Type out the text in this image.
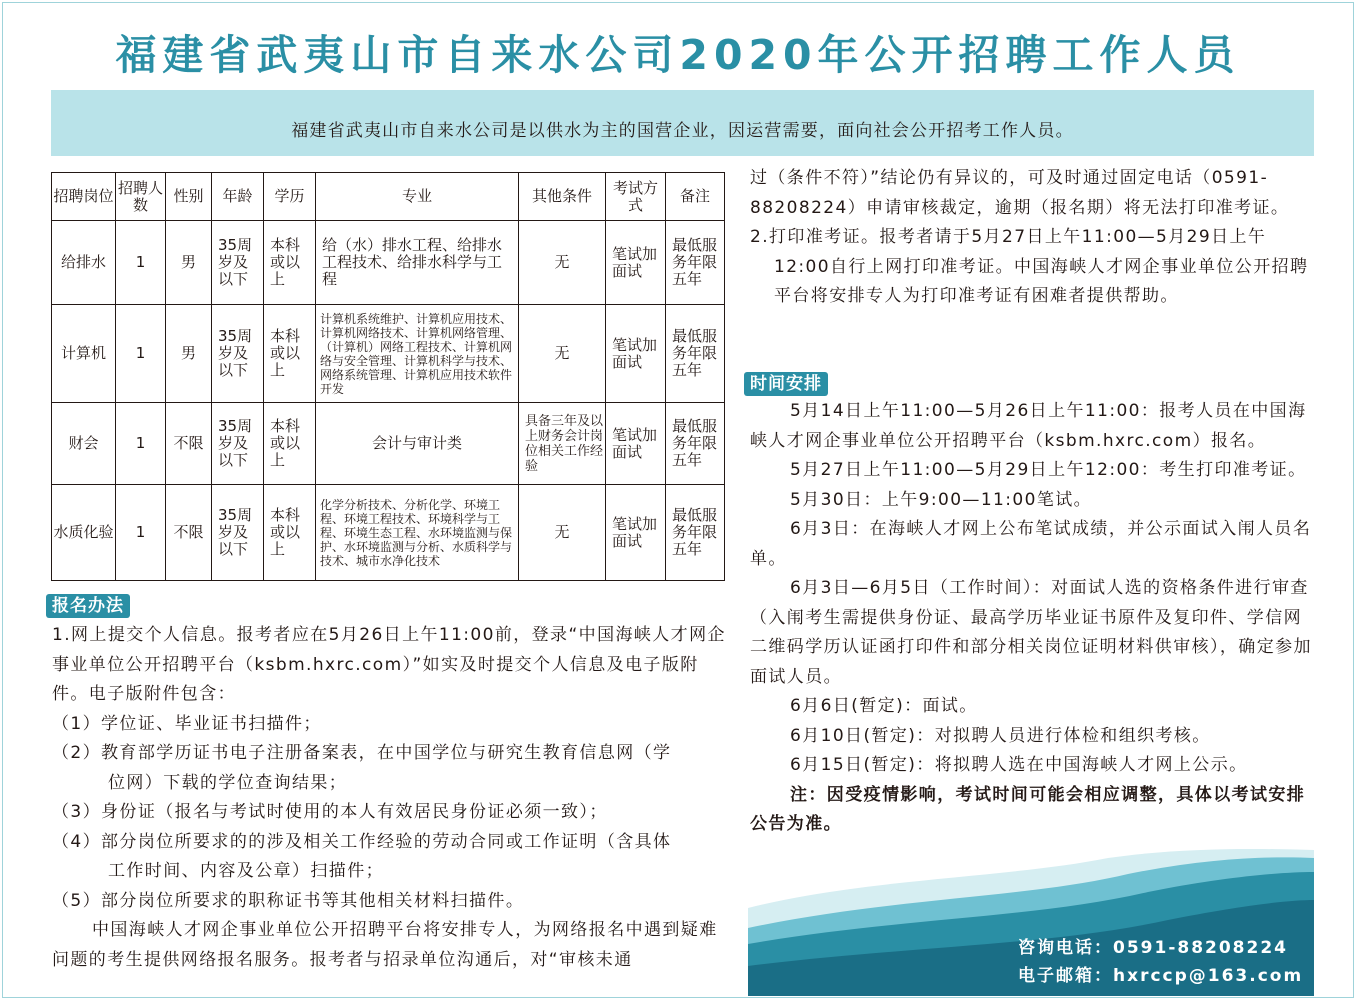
福建省武夷山市自来水公司2020年公开招聘工作人员
福建省武夷山市自来水公司是以供水为主的国营企业，因运营需要，面向社会公开招考工作人员。
招聘岗位	招聘人数	性别	年龄	学历	专业	其他条件	考试方式	备注
给排水	1	男	35周岁及以下	本科或以上	给（水）排水工程、给排水工程技术、给排水科学与工程	无	笔试加面试	最低服务年限五年
计算机	1	男	35周岁及以下	本科或以上	计算机系统维护、计算机应用技术、计算机网络技术、计算机网络管理、（计算机）网络工程技术、计算机网络与安全管理、计算机科学与技术、网络系统管理、计算机应用技术软件开发	无	笔试加面试	最低服务年限五年
财会	1	不限	35周岁及以下	本科或以上	会计与审计类	具备三年及以上财务会计岗位相关工作经验	笔试加面试	最低服务年限五年
水质化验	1	不限	35周岁及以下	本科或以上	化学分析技术、分析化学、环境工程、环境工程技术、环境科学与工程、环境生态工程、水环境监测与保护、水环境监测与分析、水质科学与技术、城市水净化技术	无	笔试加面试	最低服务年限五年
报名办法

1.网上提交个人信息。报考者应在5月26日上午11:00前，登录“中国海峡人才网企事业单位公开招聘平台（ksbm.hxrc.com）”如实及时提交个人信息及电子版附件。电子版附件包含：

（1）学位证、毕业证书扫描件；

（2）教育部学历证书电子注册备案表，在中国学位与研究生教育信息网（学

位网）下载的学位查询结果；

（3）身份证（报名与考试时使用的本人有效居民身份证必须一致）；

（4）部分岗位所要求的的涉及相关工作经验的劳动合同或工作证明（含具体

工作时间、内容及公章）扫描件；

（5）部分岗位所要求的职称证书等其他相关材料扫描件。

中国海峡人才网企事业单位公开招聘平台将安排专人，为网络报名中遇到疑难问题的考生提供网络报名服务。报考者与招录单位沟通后，对“审核未通

过（条件不符）”结论仍有异议的，可及时通过固定电话（0591-88208224）申请审核裁定，逾期（报名期）将无法打印准考证。

2.打印准考证。报考者请于5月27日上午11:00—5月29日上午12:00自行上网打印准考证。中国海峡人才网企事业单位公开招聘平台将安排专人为打印准考证有困难者提供帮助。

时间安排

5月14日上午11:00—5月26日上午11:00：报考人员在中国海峡人才网企事业单位公开招聘平台（ksbm.hxrc.com）报名。

5月27日上午11:00—5月29日上午12:00：考生打印准考证。

5月30日：上午9:00—11:00笔试。

6月3日：在海峡人才网上公布笔试成绩，并公示面试入闱人员名单。

6月3日—6月5日（工作时间）：对面试人选的资格条件进行审查（入闱考生需提供身份证、最高学历毕业证书原件及复印件、学信网二维码学历认证函打印件和部分相关岗位证明材料供审核），确定参加面试人员。

6月6日(暂定)：面试。

6月10日(暂定)：对拟聘人员进行体检和组织考核。

6月15日(暂定)：将拟聘人选在中国海峡人才网上公示。

注：因受疫情影响，考试时间可能会相应调整，具体以考试安排公告为准。

咨询电话：0591-88208224
电子邮箱：hxrccp@163.com
